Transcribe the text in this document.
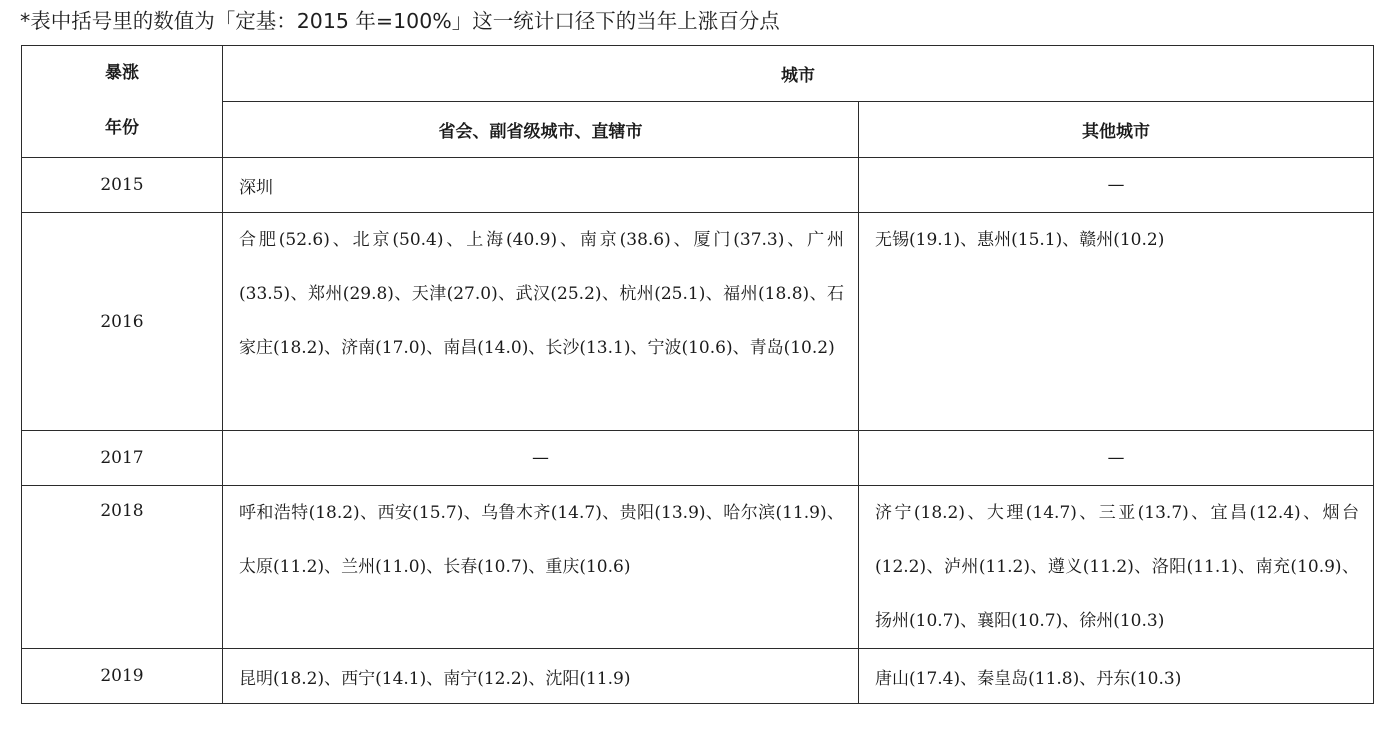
*表中括号里的数值为「定基：2015 年=100%」这一统计口径下的当年上涨百分点
暴涨
年份	城市	
	省会、副省级城市、直辖市	其他城市
2015	深圳	—
2016	合肥(52.6)、北京(50.4)、上海(40.9)、南京(38.6)、厦门(37.3)、广州(33.5)、郑州(29.8)、天津(27.0)、武汉(25.2)、杭州(25.1)、福州(18.8)、石家庄(18.2)、济南(17.0)、南昌(14.0)、长沙(13.1)、宁波(10.6)、青岛(10.2)	无锡(19.1)、惠州(15.1)、赣州(10.2)

2017	—	—
2018	呼和浩特(18.2)、西安(15.7)、乌鲁木齐(14.7)、贵阳(13.9)、哈尔滨(11.9)、太原(11.2)、兰州(11.0)、长春(10.7)、重庆(10.6)	济宁(18.2)、大理(14.7)、三亚(13.7)、宜昌(12.4)、烟台(12.2)、泸州(11.2)、遵义(11.2)、洛阳(11.1)、南充(10.9)、扬州(10.7)、襄阳(10.7)、徐州(10.3)

2019	昆明(18.2)、西宁(14.1)、南宁(12.2)、沈阳(11.9)	唐山(17.4)、秦皇岛(11.8)、丹东(10.3)
